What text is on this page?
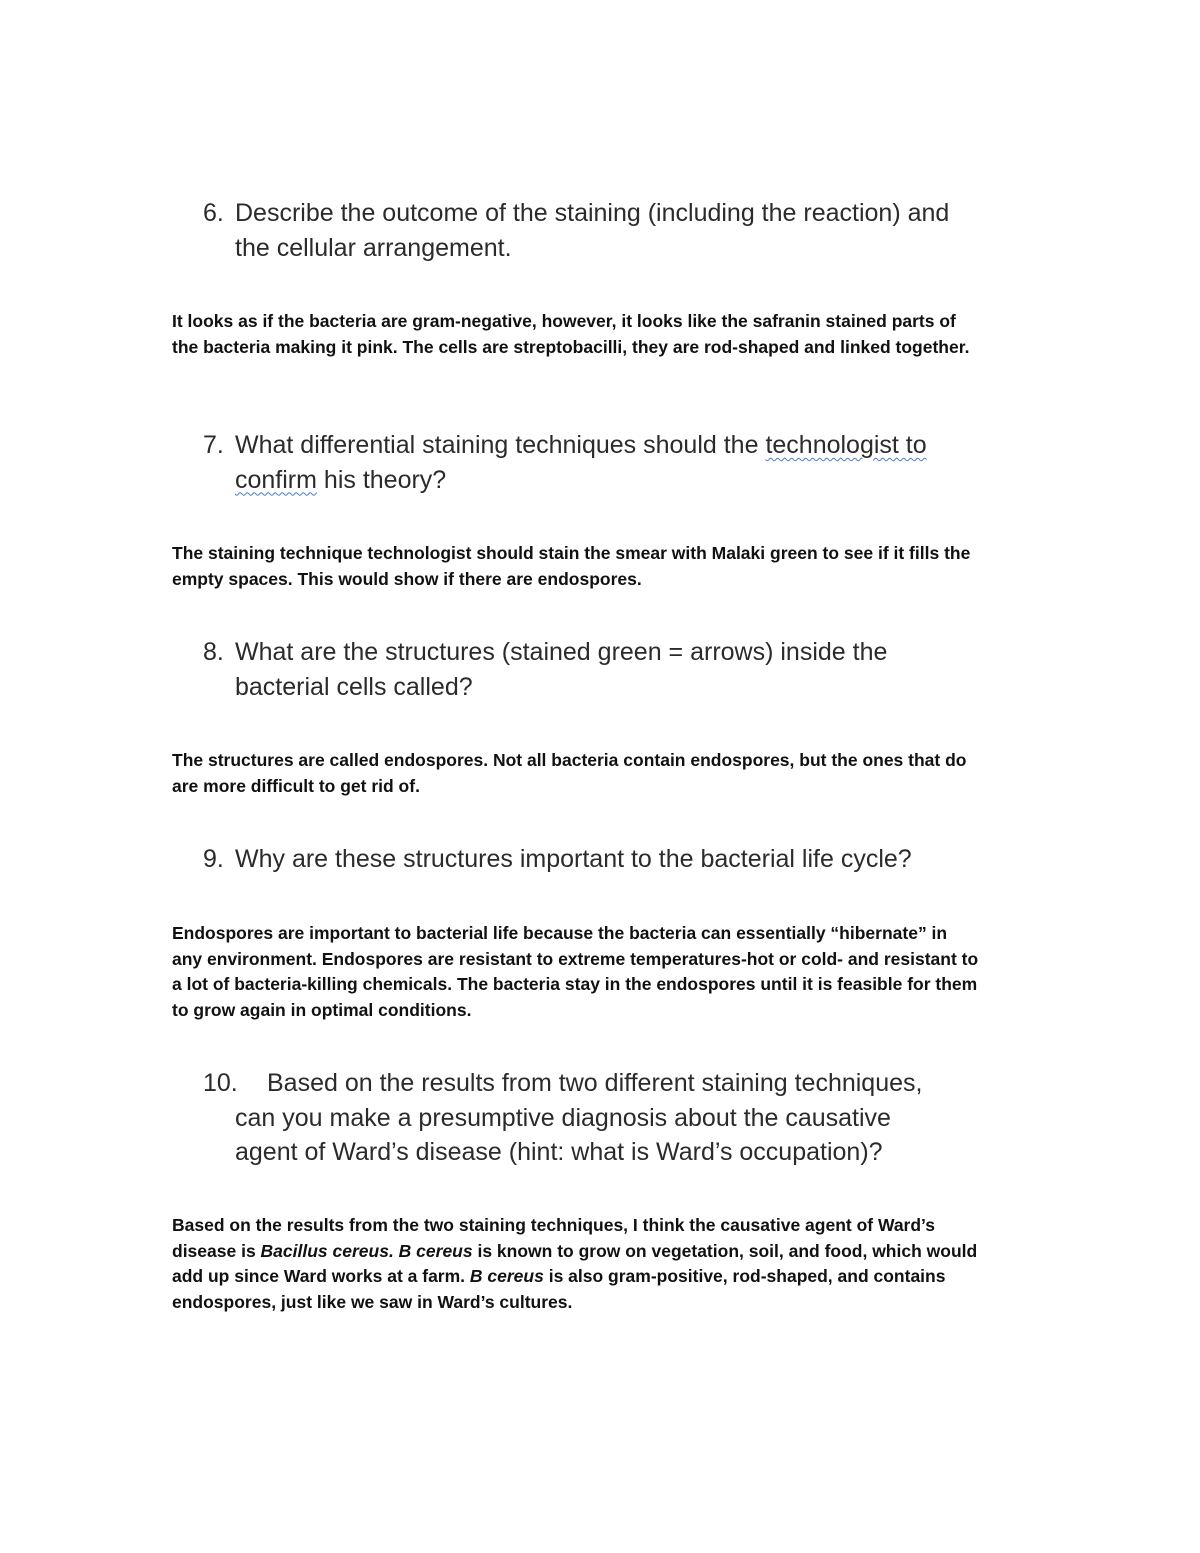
6. Describe the outcome of the staining (including the reaction) and
the cellular arrangement.
It looks as if the bacteria are gram-negative, however, it looks like the safranin stained parts of the bacteria making it pink. The cells are streptobacilli, they are rod-shaped and linked together.
7. What differential staining techniques should the technologist to
confirm his theory?
The staining technique technologist should stain the smear with Malaki green to see if it fills the empty spaces. This would show if there are endospores.
8. What are the structures (stained green = arrows) inside the
bacterial cells called?
The structures are called endospores. Not all bacteria contain endospores, but the ones that do are more difficult to get rid of.
9. Why are these structures important to the bacterial life cycle?
Endospores are important to bacterial life because the bacteria can essentially “hibernate” in any environment. Endospores are resistant to extreme temperatures-hot or cold- and resistant to a lot of bacteria-killing chemicals. The bacteria stay in the endospores until it is feasible for them to grow again in optimal conditions.
10. Based on the results from two different staining techniques,
can you make a presumptive diagnosis about the causative
agent of Ward’s disease (hint: what is Ward’s occupation)?
Based on the results from the two staining techniques, I think the causative agent of Ward’s disease is Bacillus cereus. B cereus is known to grow on vegetation, soil, and food, which would add up since Ward works at a farm. B cereus is also gram-positive, rod-shaped, and contains endospores, just like we saw in Ward’s cultures.
